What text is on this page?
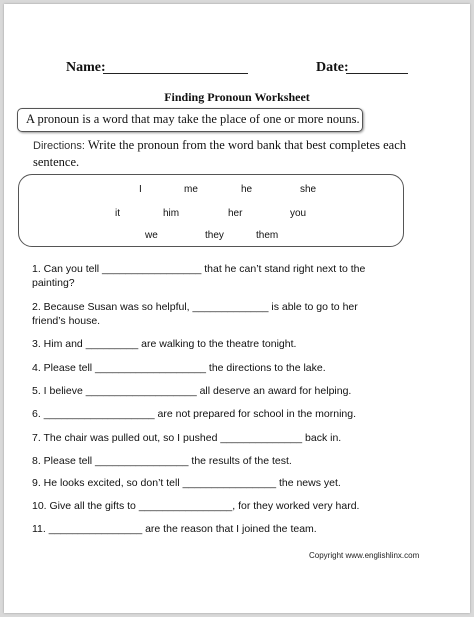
Name:	Date:
Finding Pronoun Worksheet
A pronoun is a word that may take the place of one or more nouns.
Directions: Write the pronoun from the word bank that best completes each sentence.
I	me	he	she
it	him	her	you
we	they	them
1. Can you tell _________________ that he can’t stand right next to the painting?
2. Because Susan was so helpful, _____________ is able to go to her friend’s house.
3. Him and _________ are walking to the theatre tonight.
4. Please tell ___________________ the directions to the lake.
5. I believe ___________________ all deserve an award for helping.
6. ___________________ are not prepared for school in the morning.
7. The chair was pulled out, so I pushed ______________ back in.
8. Please tell ________________ the results of the test.
9. He looks excited, so don’t tell ________________ the news yet.
10. Give all the gifts to ________________, for they worked very hard.
11. ________________ are the reason that I joined the team.
Copyright www.englishlinx.com
